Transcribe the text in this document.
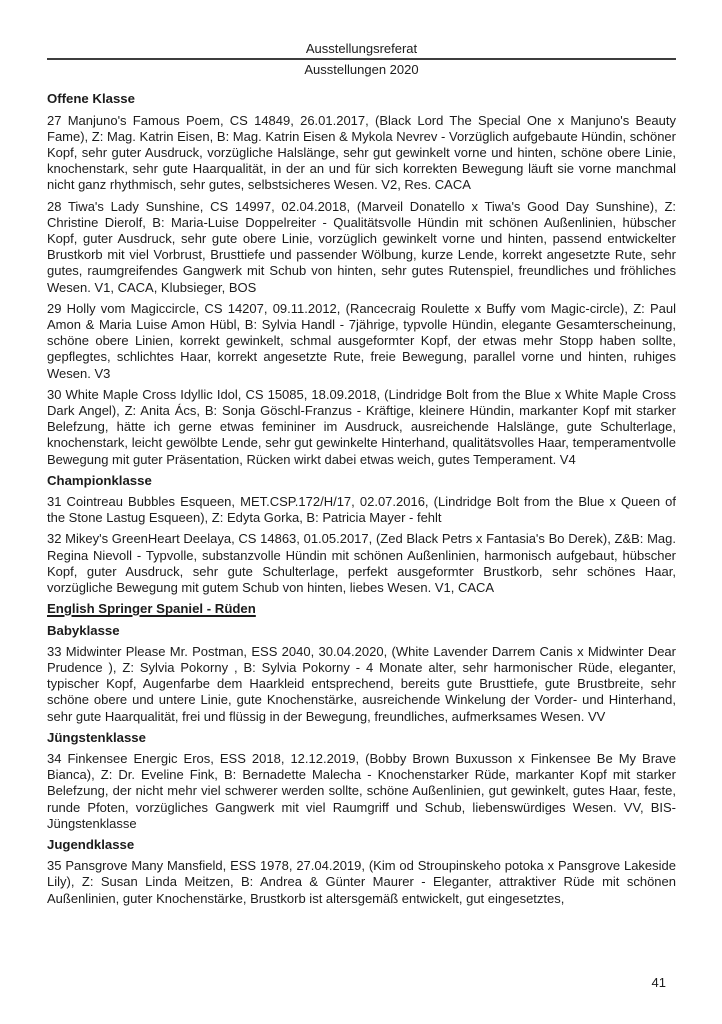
Ausstellungsreferat
Ausstellungen 2020
Offene Klasse

27 Manjuno's Famous Poem, CS 14849, 26.01.2017, (Black Lord The Special One x Manjuno's Beauty Fame), Z: Mag. Katrin Eisen, B: Mag. Katrin Eisen & Mykola Nevrev - Vorzüglich aufgebaute Hündin, schöner Kopf, sehr guter Ausdruck, vorzügliche Halslänge, sehr gut gewinkelt vorne und hinten, schöne obere Linie, knochenstark, sehr gute Haarqualität, in der an und für sich korrekten Bewegung läuft sie vorne manchmal nicht ganz rhythmisch, sehr gutes, selbstsicheres Wesen. V2, Res. CACA

28 Tiwa's Lady Sunshine, CS 14997, 02.04.2018, (Marveil Donatello x Tiwa's Good Day Sunshine), Z: Christine Dierolf, B: Maria-Luise Doppelreiter - Qualitätsvolle Hündin mit schönen Außenlinien, hübscher Kopf, guter Ausdruck, sehr gute obere Linie, vorzüglich gewinkelt vorne und hinten, passend entwickelter Brustkorb mit viel Vorbrust, Brusttiefe und passender Wölbung, kurze Lende, korrekt angesetzte Rute, sehr gutes, raumgreifendes Gangwerk mit Schub von hinten, sehr gutes Rutenspiel, freundliches und fröhliches Wesen. V1, CACA, Klubsieger, BOS

29 Holly vom Magiccircle, CS 14207, 09.11.2012, (Rancecraig Roulette x Buffy vom Magic-circle), Z: Paul Amon & Maria Luise Amon Hübl, B: Sylvia Handl - 7jährige, typvolle Hündin, elegante Gesamterscheinung, schöne obere Linien, korrekt gewinkelt, schmal ausgeformter Kopf, der etwas mehr Stopp haben sollte, gepflegtes, schlichtes Haar, korrekt angesetzte Rute, freie Bewegung, parallel vorne und hinten, ruhiges Wesen. V3

30 White Maple Cross Idyllic Idol, CS 15085, 18.09.2018, (Lindridge Bolt from the Blue x White Maple Cross Dark Angel), Z: Anita Ács, B: Sonja Göschl-Franzus - Kräftige, kleinere Hündin, markanter Kopf mit starker Belefzung, hätte ich gerne etwas femininer im Ausdruck, ausreichende Halslänge, gute Schulterlage, knochenstark, leicht gewölbte Lende, sehr gut gewinkelte Hinterhand, qualitätsvolles Haar, temperamentvolle Bewegung mit guter Präsentation, Rücken wirkt dabei etwas weich, gutes Temperament. V4

Championklasse

31 Cointreau Bubbles Esqueen, MET.CSP.172/H/17, 02.07.2016, (Lindridge Bolt from the Blue x Queen of the Stone Lastug Esqueen), Z: Edyta Gorka, B: Patricia Mayer - fehlt

32 Mikey's GreenHeart Deelaya, CS 14863, 01.05.2017, (Zed Black Petrs x Fantasia's Bo Derek), Z&B: Mag. Regina Nievoll - Typvolle, substanzvolle Hündin mit schönen Außenlinien, harmonisch aufgebaut, hübscher Kopf, guter Ausdruck, sehr gute Schulterlage, perfekt ausgeformter Brustkorb, sehr schönes Haar, vorzügliche Bewegung mit gutem Schub von hinten, liebes Wesen. V1, CACA

English Springer Spaniel - Rüden
Babyklasse

33 Midwinter Please Mr. Postman, ESS 2040, 30.04.2020, (White Lavender Darrem Canis x Midwinter Dear Prudence ), Z: Sylvia Pokorny , B: Sylvia Pokorny - 4 Monate alter, sehr harmonischer Rüde, eleganter, typischer Kopf, Augenfarbe dem Haarkleid entsprechend, bereits gute Brusttiefe, gute Brustbreite, sehr schöne obere und untere Linie, gute Knochenstärke, ausreichende Winkelung der Vorder- und Hinterhand, sehr gute Haarqualität, frei und flüssig in der Bewegung, freundliches, aufmerksames Wesen. VV

Jüngstenklasse

34 Finkensee Energic Eros, ESS 2018, 12.12.2019, (Bobby Brown Buxusson x Finkensee Be My Brave Bianca), Z: Dr. Eveline Fink, B: Bernadette Malecha - Knochenstarker Rüde, markanter Kopf mit starker Belefzung, der nicht mehr viel schwerer werden sollte, schöne Außenlinien, gut gewinkelt, gutes Haar, feste, runde Pfoten, vorzügliches Gangwerk mit viel Raumgriff und Schub, liebenswürdiges Wesen. VV, BIS-Jüngstenklasse

Jugendklasse

35 Pansgrove Many Mansfield, ESS 1978, 27.04.2019, (Kim od Stroupinskeho potoka x Pansgrove Lakeside Lily), Z: Susan Linda Meitzen, B: Andrea & Günter Maurer - Eleganter, attraktiver Rüde mit schönen Außenlinien, guter Knochenstärke, Brustkorb ist altersgemäß entwickelt, gut eingesetztes,

41
